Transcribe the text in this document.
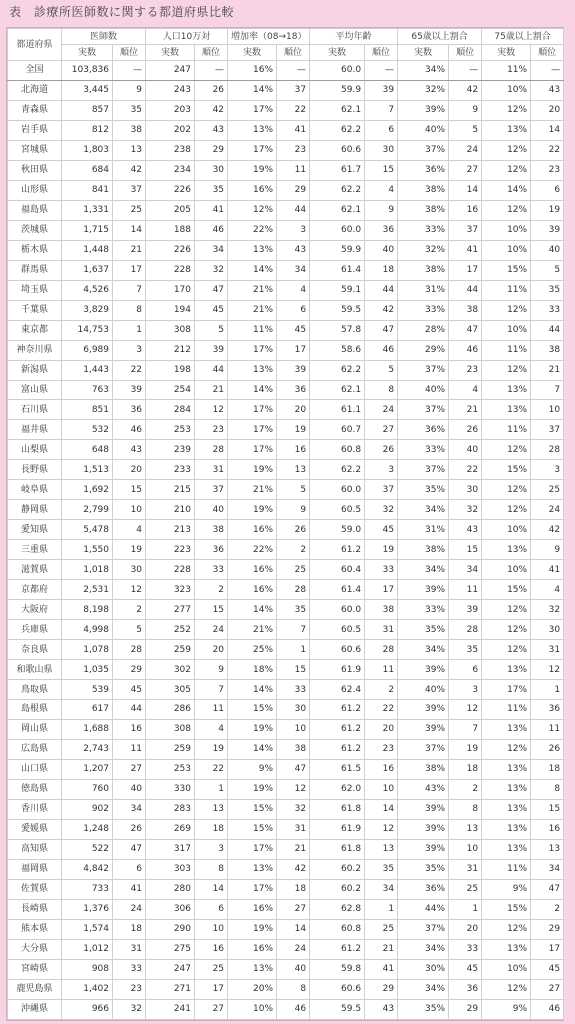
表　診療所医師数に関する都道府県比較
都道府県	医師数		人口10万対		増加率（08→18）		平均年齢		65歳以上割合		75歳以上割合	
	実数	順位	実数	順位	実数	順位	実数	順位	実数	順位	実数	順位
全国	103,836	—	247	—	16%	—	60.0	—	34%	—	11%	—
北海道	3,445	9	243	26	14%	37	59.9	39	32%	42	10%	43
青森県	857	35	203	42	17%	22	62.1	7	39%	9	12%	20
岩手県	812	38	202	43	13%	41	62.2	6	40%	5	13%	14
宮城県	1,803	13	238	29	17%	23	60.6	30	37%	24	12%	22
秋田県	684	42	234	30	19%	11	61.7	15	36%	27	12%	23
山形県	841	37	226	35	16%	29	62.2	4	38%	14	14%	6
福島県	1,331	25	205	41	12%	44	62.1	9	38%	16	12%	19
茨城県	1,715	14	188	46	22%	3	60.0	36	33%	37	10%	39
栃木県	1,448	21	226	34	13%	43	59.9	40	32%	41	10%	40
群馬県	1,637	17	228	32	14%	34	61.4	18	38%	17	15%	5
埼玉県	4,526	7	170	47	21%	4	59.1	44	31%	44	11%	35
千葉県	3,829	8	194	45	21%	6	59.5	42	33%	38	12%	33
東京都	14,753	1	308	5	11%	45	57.8	47	28%	47	10%	44
神奈川県	6,989	3	212	39	17%	17	58.6	46	29%	46	11%	38
新潟県	1,443	22	198	44	13%	39	62.2	5	37%	23	12%	21
富山県	763	39	254	21	14%	36	62.1	8	40%	4	13%	7
石川県	851	36	284	12	17%	20	61.1	24	37%	21	13%	10
福井県	532	46	253	23	17%	19	60.7	27	36%	26	11%	37
山梨県	648	43	239	28	17%	16	60.8	26	33%	40	12%	28
長野県	1,513	20	233	31	19%	13	62.2	3	37%	22	15%	3
岐阜県	1,692	15	215	37	21%	5	60.0	37	35%	30	12%	25
静岡県	2,799	10	210	40	19%	9	60.5	32	34%	32	12%	24
愛知県	5,478	4	213	38	16%	26	59.0	45	31%	43	10%	42
三重県	1,550	19	223	36	22%	2	61.2	19	38%	15	13%	9
滋賀県	1,018	30	228	33	16%	25	60.4	33	34%	34	10%	41
京都府	2,531	12	323	2	16%	28	61.4	17	39%	11	15%	4
大阪府	8,198	2	277	15	14%	35	60.0	38	33%	39	12%	32
兵庫県	4,998	5	252	24	21%	7	60.5	31	35%	28	12%	30
奈良県	1,078	28	259	20	25%	1	60.6	28	34%	35	12%	31
和歌山県	1,035	29	302	9	18%	15	61.9	11	39%	6	13%	12
鳥取県	539	45	305	7	14%	33	62.4	2	40%	3	17%	1
島根県	617	44	286	11	15%	30	61.2	22	39%	12	11%	36
岡山県	1,688	16	308	4	19%	10	61.2	20	39%	7	13%	11
広島県	2,743	11	259	19	14%	38	61.2	23	37%	19	12%	26
山口県	1,207	27	253	22	9%	47	61.5	16	38%	18	13%	18
徳島県	760	40	330	1	19%	12	62.0	10	43%	2	13%	8
香川県	902	34	283	13	15%	32	61.8	14	39%	8	13%	15
愛媛県	1,248	26	269	18	15%	31	61.9	12	39%	13	13%	16
高知県	522	47	317	3	17%	21	61.8	13	39%	10	13%	13
福岡県	4,842	6	303	8	13%	42	60.2	35	35%	31	11%	34
佐賀県	733	41	280	14	17%	18	60.2	34	36%	25	9%	47
長崎県	1,376	24	306	6	16%	27	62.8	1	44%	1	15%	2
熊本県	1,574	18	290	10	19%	14	60.8	25	37%	20	12%	29
大分県	1,012	31	275	16	16%	24	61.2	21	34%	33	13%	17
宮崎県	908	33	247	25	13%	40	59.8	41	30%	45	10%	45
鹿児島県	1,402	23	271	17	20%	8	60.6	29	34%	36	12%	27
沖縄県	966	32	241	27	10%	46	59.5	43	35%	29	9%	46
